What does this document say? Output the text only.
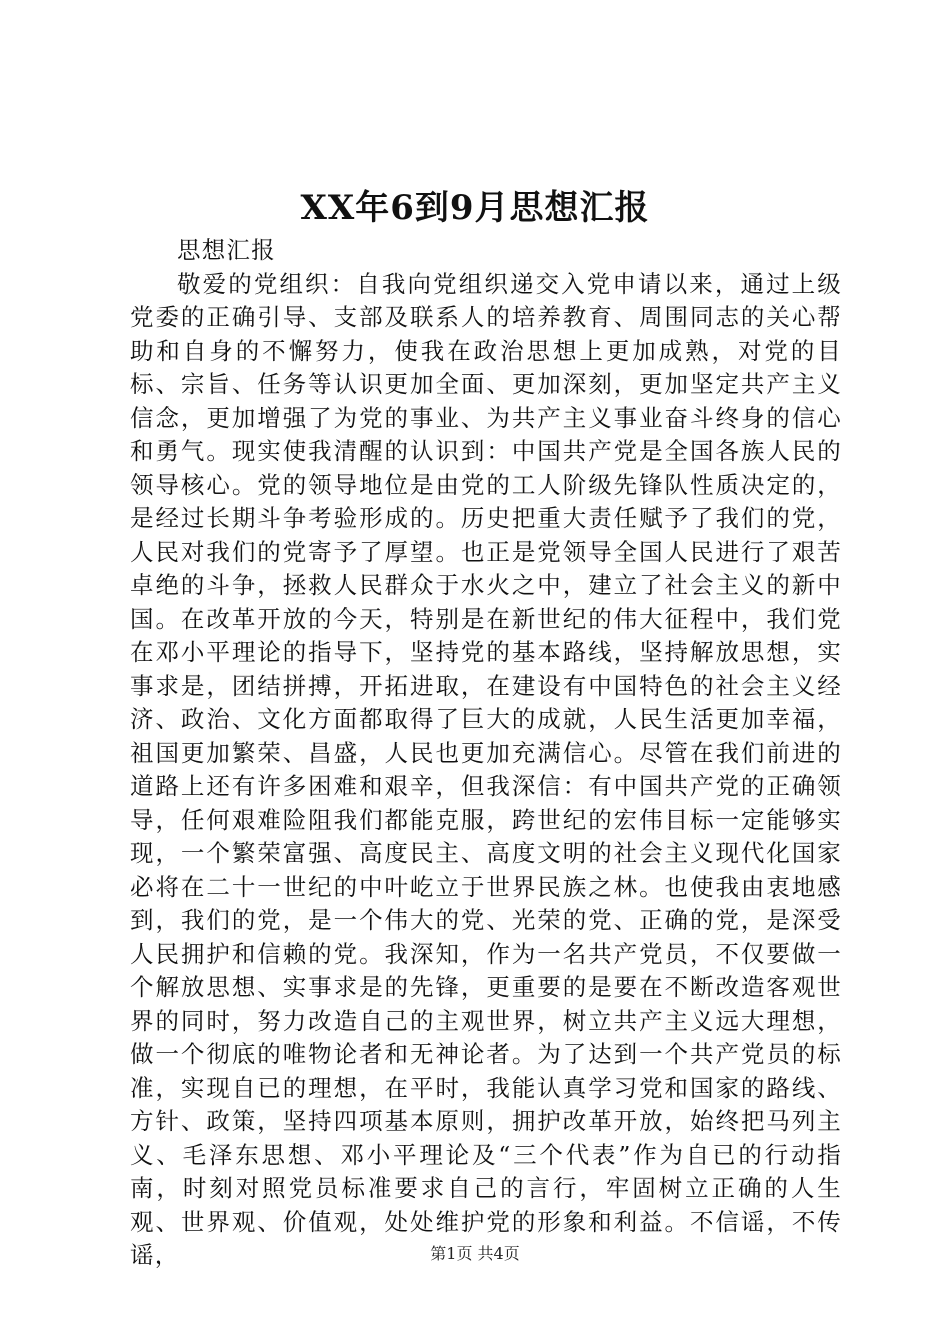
XX年6到9月思想汇报

思想汇报

敬爱的党组织：自我向党组织递交入党申请以来，通过上级党委的正确引导、支部及联系人的培养教育、周围同志的关心帮助和自身的不懈努力，使我在政治思想上更加成熟，对党的目标、宗旨、任务等认识更加全面、更加深刻，更加坚定共产主义信念，更加增强了为党的事业、为共产主义事业奋斗终身的信心和勇气。现实使我清醒的认识到：中国共产党是全国各族人民的领导核心。党的领导地位是由党的工人阶级先锋队性质决定的，是经过长期斗争考验形成的。历史把重大责任赋予了我们的党，人民对我们的党寄予了厚望。也正是党领导全国人民进行了艰苦卓绝的斗争，拯救人民群众于水火之中，建立了社会主义的新中国。在改革开放的今天，特别是在新世纪的伟大征程中，我们党在邓小平理论的指导下，坚持党的基本路线，坚持解放思想，实事求是，团结拼搏，开拓进取，在建设有中国特色的社会主义经济、政治、文化方面都取得了巨大的成就，人民生活更加幸福，祖国更加繁荣、昌盛，人民也更加充满信心。尽管在我们前进的道路上还有许多困难和艰辛，但我深信：有中国共产党的正确领导，任何艰难险阻我们都能克服，跨世纪的宏伟目标一定能够实现，一个繁荣富强、高度民主、高度文明的社会主义现代化国家必将在二十一世纪的中叶屹立于世界民族之林。也使我由衷地感到，我们的党，是一个伟大的党、光荣的党、正确的党，是深受人民拥护和信赖的党。我深知，作为一名共产党员，不仅要做一个解放思想、实事求是的先锋，更重要的是要在不断改造客观世界的同时，努力改造自己的主观世界，树立共产主义远大理想，做一个彻底的唯物论者和无神论者。为了达到一个共产党员的标准，实现自已的理想，在平时，我能认真学习党和国家的路线、方针、政策，坚持四项基本原则，拥护改革开放，始终把马列主义、毛泽东思想、邓小平理论及“三个代表”作为自已的行动指南，时刻对照党员标准要求自己的言行，牢固树立正确的人生观、世界观、价值观，处处维护党的形象和利益。不信谣，不传谣，	第1页 共4页
